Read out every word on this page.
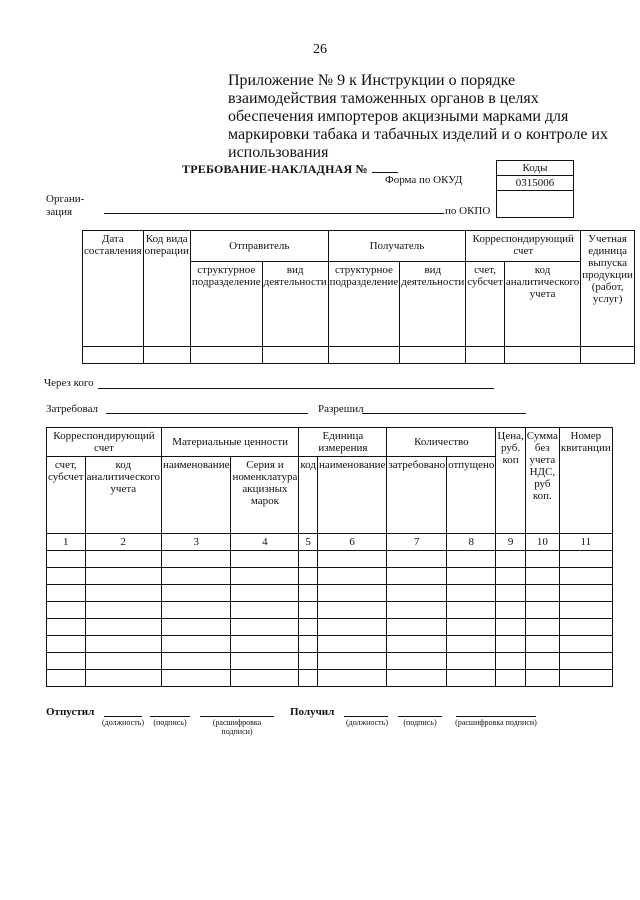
26
Приложение № 9 к Инструкции о порядке взаимодействия таможенных органов в целях обеспечения импортеров акцизными марками для маркировки табака и табачных изделий и о контроле их использования
ТРЕБОВАНИЕ-НАКЛАДНАЯ №
Форма по ОКУД
по ОКПО
Коды
0315006
Органи-
зация
Дата составления	Код вида операции	Отправитель		Получатель		Корреспондирующий счет		Учетная единица выпуска продукции (работ, услуг)
		структурное подразделение	вид деятельности	структурное подразделение	вид деятельности	счет, субсчет	код аналитического учета	

Через кого
Затребовал	Разрешил
Корреспондирующий счет		Материальные ценности		Единица измерения		Количество		Цена, руб. коп	Сумма без учета НДС, руб коп.	Номер квитанции
счет, субсчет	код аналитического учета	наименование	Серия и номенклатура акцизных марок	код	наименование	затребовано	отпущено			
1	2	3	4	5	6	7	8	9	10	11

Отпустил
(должность)	(подпись)	(расшифровка подписи)
Получил
(должность)	(подпись)	(расшифровка подписи)
